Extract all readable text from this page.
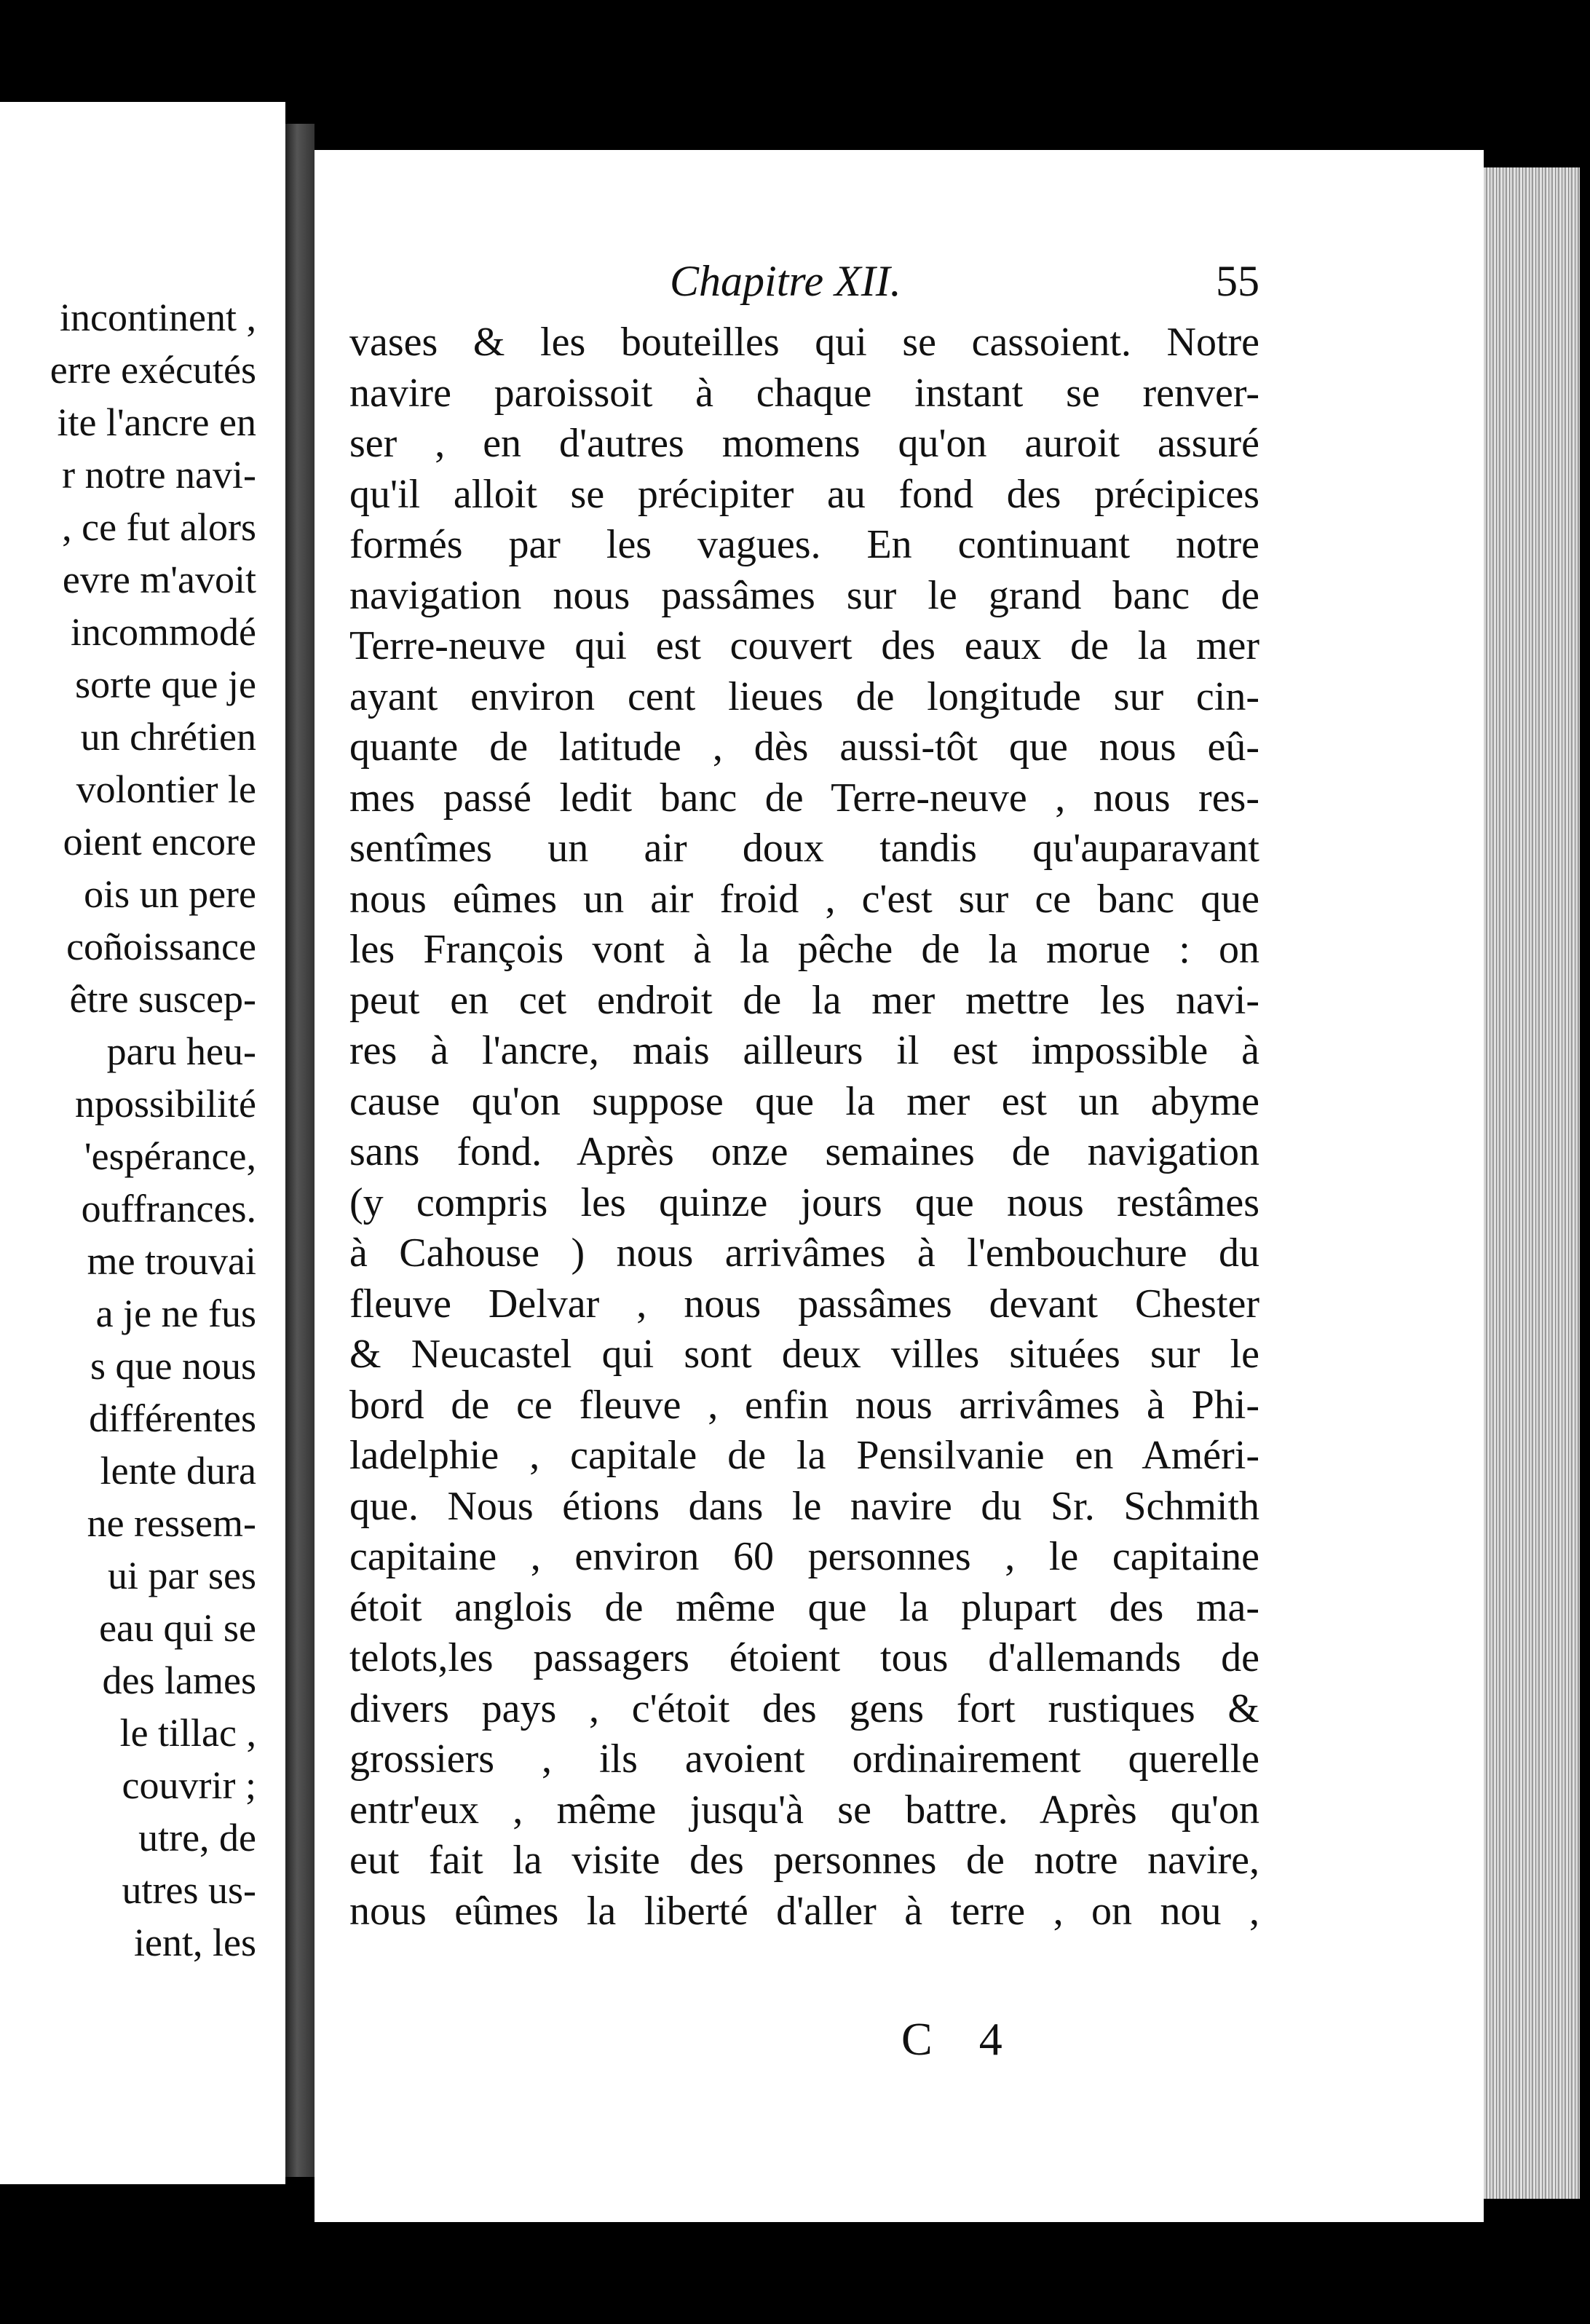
incontinent ,
erre exécutés
ite l'ancre en
r notre navi-
, ce fut alors
evre m'avoit
incommodé
sorte que je
un chrétien
volontier le
oient encore
ois un pere
coñoissance
être suscep-
paru heu-
npossibilité
'espérance,
ouffrances.
me trouvai
a je ne fus
s que nous
différentes
lente dura
ne ressem-
ui par ses
eau qui se
des lames
le tillac ,
couvrir ;
utre, de
utres us-
ient, les
Chapitre XII.	55
vases & les bouteilles qui se cassoient. Notre
navire paroissoit à chaque instant se renver-
ser , en d'autres momens qu'on auroit assuré
qu'il alloit se précipiter au fond des précipices
formés par les vagues. En continuant notre
navigation nous passâmes sur le grand banc de
Terre-neuve qui est couvert des eaux de la mer
ayant environ cent lieues de longitude sur cin-
quante de latitude , dès aussi-tôt que nous eû-
mes passé ledit banc de Terre-neuve , nous res-
sentîmes un air doux tandis qu'auparavant
nous eûmes un air froid , c'est sur ce banc que
les François vont à la pêche de la morue : on
peut en cet endroit de la mer mettre les navi-
res à l'ancre, mais ailleurs il est impossible à
cause qu'on suppose que la mer est un abyme
sans fond. Après onze semaines de navigation
(y compris les quinze jours que nous restâmes
à Cahouse ) nous arrivâmes à l'embouchure du
fleuve Delvar , nous passâmes devant Chester
& Neucastel qui sont deux villes situées sur le
bord de ce fleuve , enfin nous arrivâmes à Phi-
ladelphie , capitale de la Pensilvanie en Améri-
que. Nous étions dans le navire du Sr. Schmith
capitaine , environ 60 personnes , le capitaine
étoit anglois de même que la plupart des ma-
telots,les passagers étoient tous d'allemands de
divers pays , c'étoit des gens fort rustiques &
grossiers , ils avoient ordinairement querelle
entr'eux , même jusqu'à se battre. Après qu'on
eut fait la visite des personnes de notre navire,
nous eûmes la liberté d'aller à terre , on nou ,
C 4
